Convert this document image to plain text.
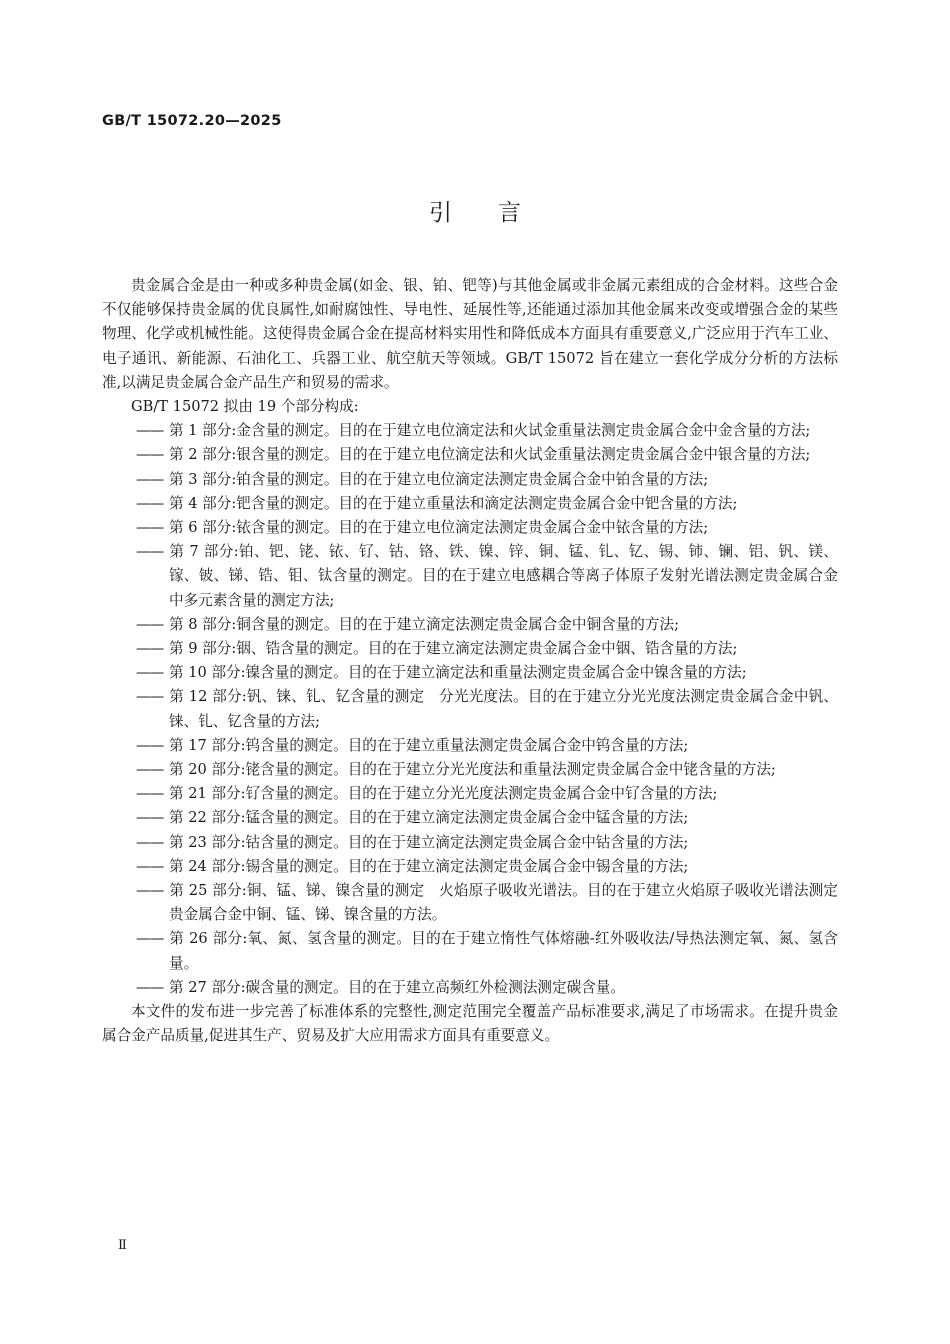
GB/T 15072.20—2025
引言

贵金属合金是由一种或多种贵金属(如金、银、铂、钯等)与其他金属或非金属元素组成的合金材料。这些合金不仅能够保持贵金属的优良属性,如耐腐蚀性、导电性、延展性等,还能通过添加其他金属来改变或增强合金的某些物理、化学或机械性能。这使得贵金属合金在提高材料实用性和降低成本方面具有重要意义,广泛应用于汽车工业、电子通讯、新能源、石油化工、兵器工业、航空航天等领域。GB/T 15072 旨在建立一套化学成分分析的方法标准,以满足贵金属合金产品生产和贸易的需求。

GB/T 15072 拟由 19 个部分构成:

—— 第 1 部分:金含量的测定。目的在于建立电位滴定法和火试金重量法测定贵金属合金中金含量的方法;
—— 第 2 部分:银含量的测定。目的在于建立电位滴定法和火试金重量法测定贵金属合金中银含量的方法;
—— 第 3 部分:铂含量的测定。目的在于建立电位滴定法测定贵金属合金中铂含量的方法;
—— 第 4 部分:钯含量的测定。目的在于建立重量法和滴定法测定贵金属合金中钯含量的方法;
—— 第 6 部分:铱含量的测定。目的在于建立电位滴定法测定贵金属合金中铱含量的方法;
—— 第 7 部分:铂、钯、铑、铱、钌、钴、铬、铁、镍、锌、铜、锰、钆、钇、锡、铈、镧、铝、钒、镁、镓、铍、锑、锆、钼、钛含量的测定。目的在于建立电感耦合等离子体原子发射光谱法测定贵金属合金中多元素含量的测定方法;
—— 第 8 部分:铜含量的测定。目的在于建立滴定法测定贵金属合金中铜含量的方法;
—— 第 9 部分:铟、锆含量的测定。目的在于建立滴定法测定贵金属合金中铟、锆含量的方法;
—— 第 10 部分:镍含量的测定。目的在于建立滴定法和重量法测定贵金属合金中镍含量的方法;
—— 第 12 部分:钒、铼、钆、钇含量的测定　分光光度法。目的在于建立分光光度法测定贵金属合金中钒、铼、钆、钇含量的方法;
—— 第 17 部分:钨含量的测定。目的在于建立重量法测定贵金属合金中钨含量的方法;
—— 第 20 部分:铑含量的测定。目的在于建立分光光度法和重量法测定贵金属合金中铑含量的方法;
—— 第 21 部分:钌含量的测定。目的在于建立分光光度法测定贵金属合金中钌含量的方法;
—— 第 22 部分:锰含量的测定。目的在于建立滴定法测定贵金属合金中锰含量的方法;
—— 第 23 部分:钴含量的测定。目的在于建立滴定法测定贵金属合金中钴含量的方法;
—— 第 24 部分:锡含量的测定。目的在于建立滴定法测定贵金属合金中锡含量的方法;
—— 第 25 部分:铜、锰、锑、镍含量的测定　火焰原子吸收光谱法。目的在于建立火焰原子吸收光谱法测定贵金属合金中铜、锰、锑、镍含量的方法。
—— 第 26 部分:氧、氮、氢含量的测定。目的在于建立惰性气体熔融-红外吸收法/导热法测定氧、氮、氢含量。
—— 第 27 部分:碳含量的测定。目的在于建立高频红外检测法测定碳含量。

本文件的发布进一步完善了标准体系的完整性,测定范围完全覆盖产品标准要求,满足了市场需求。在提升贵金属合金产品质量,促进其生产、贸易及扩大应用需求方面具有重要意义。

Ⅱ
